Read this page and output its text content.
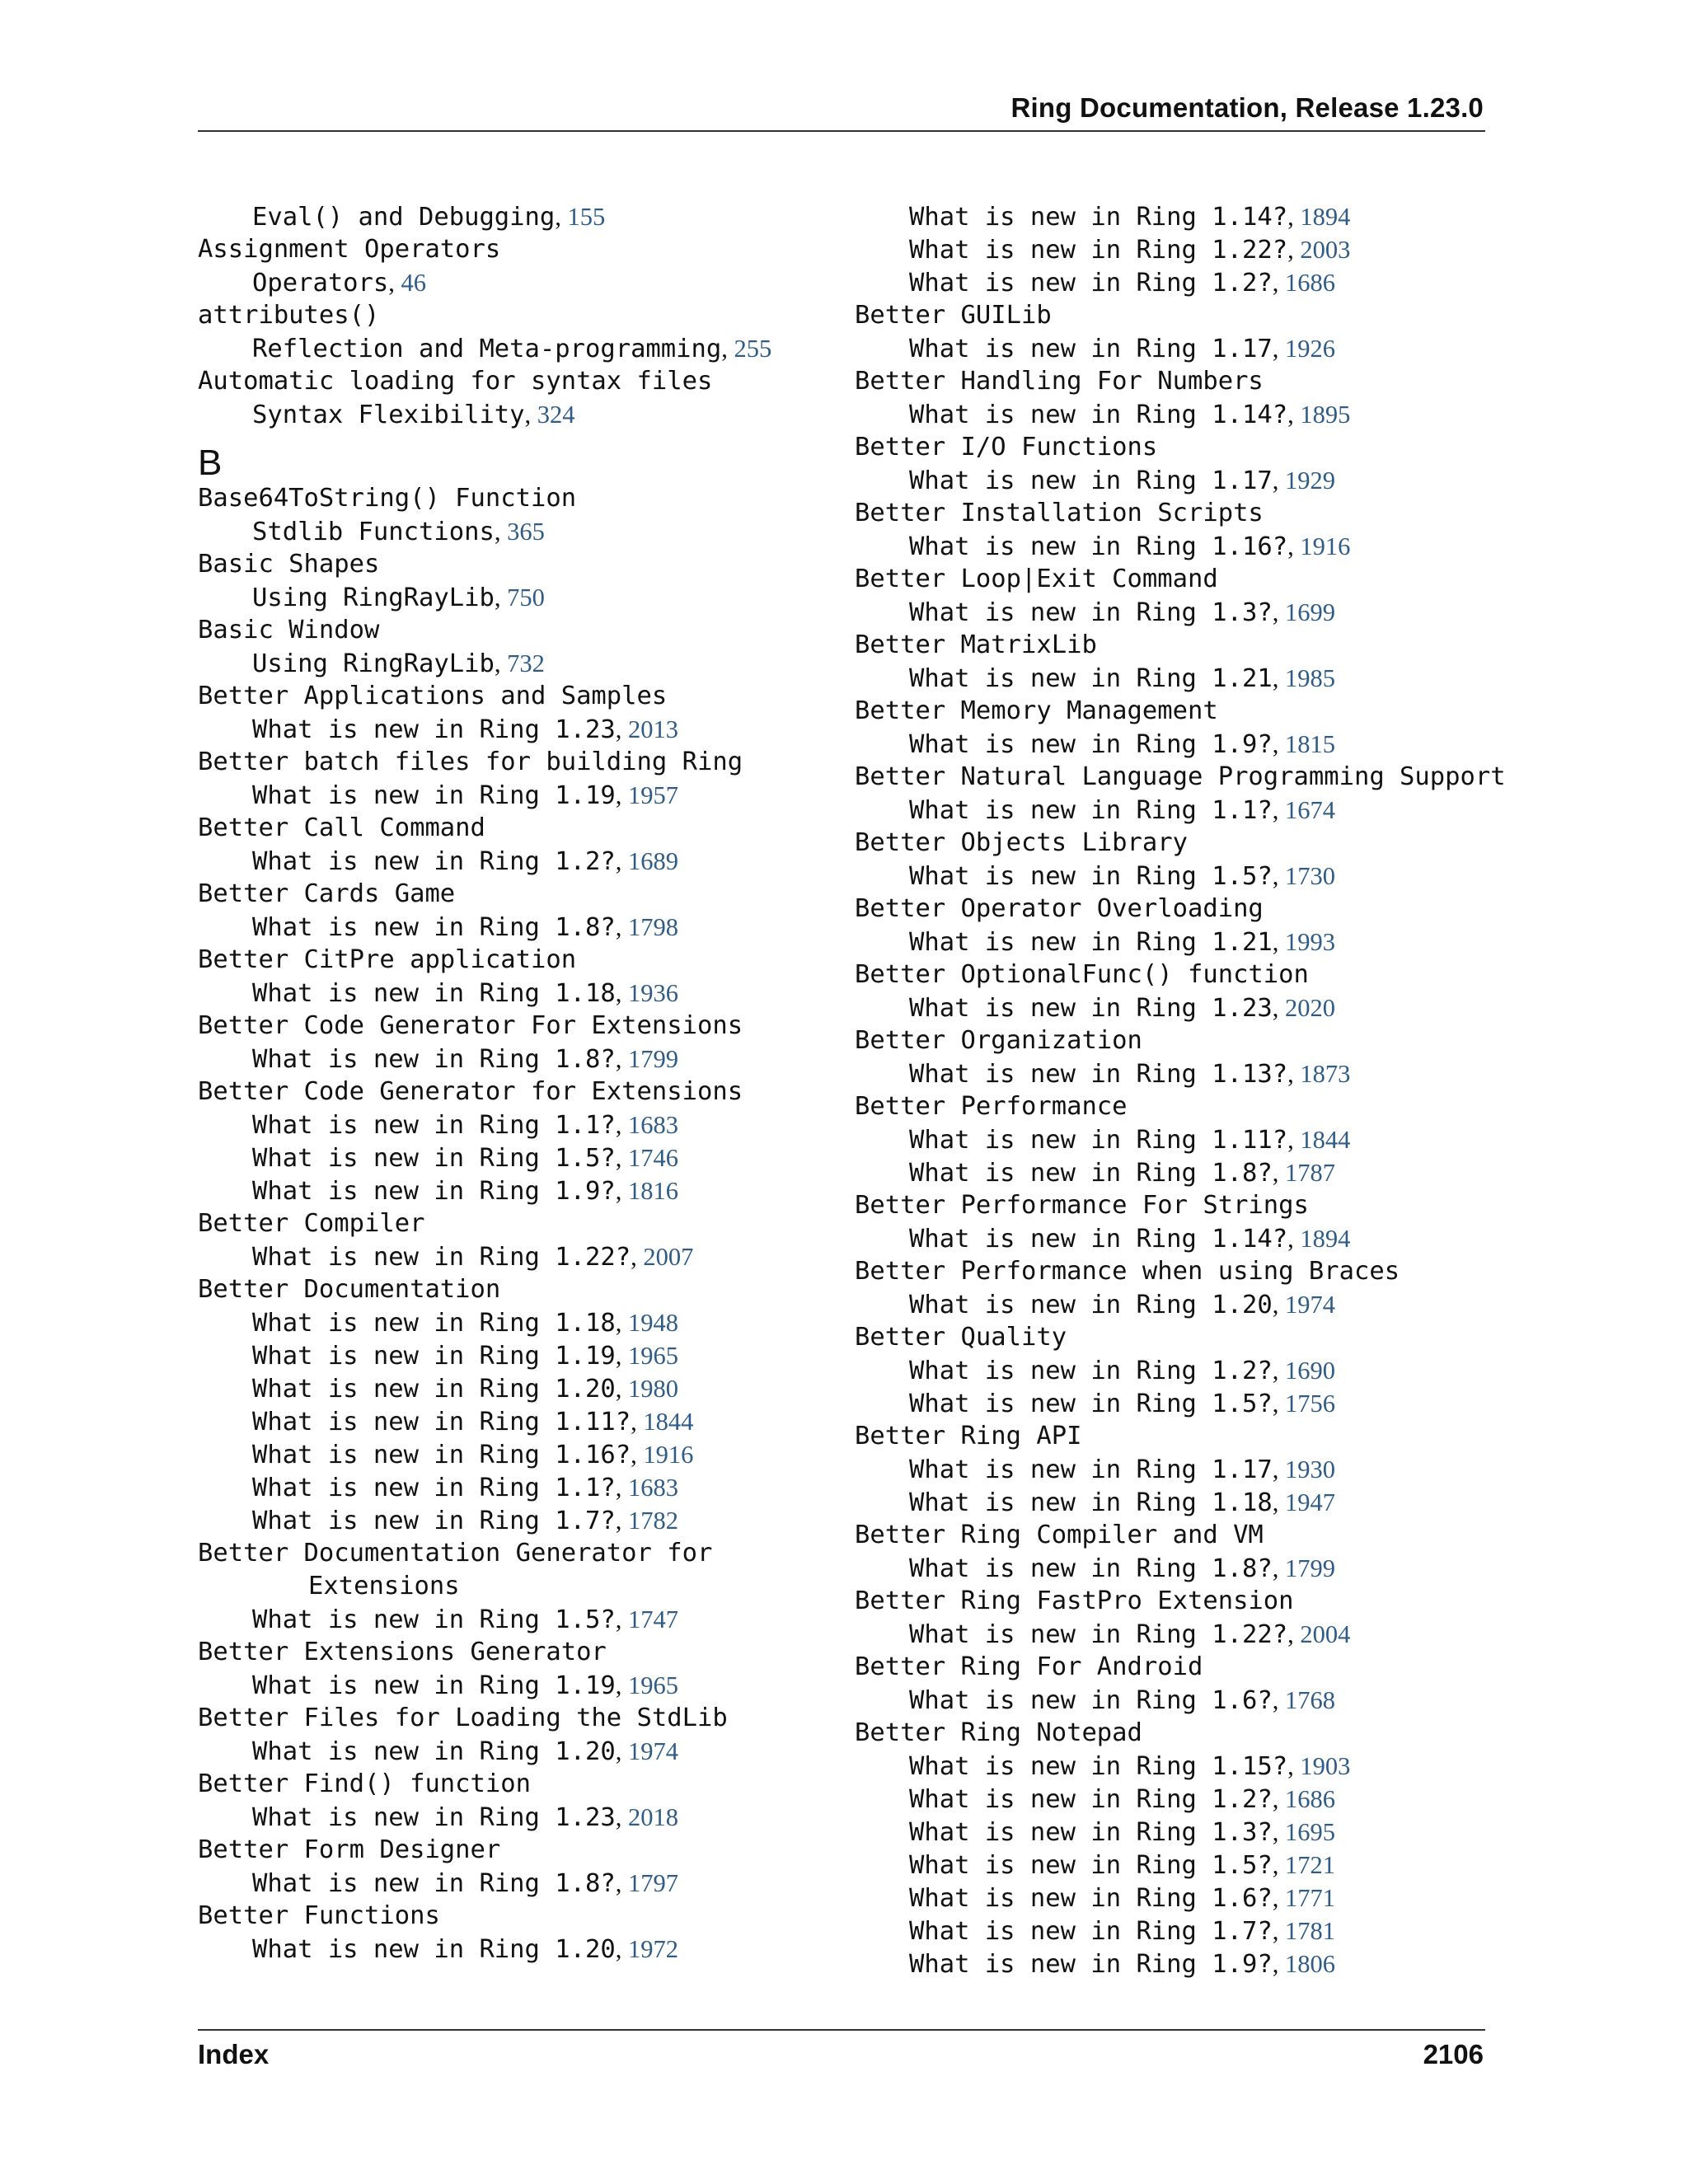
Ring Documentation, Release 1.23.0
Eval() and Debugging, 155
Assignment Operators
Operators, 46
attributes()
Reflection and Meta-programming, 255
Automatic loading for syntax files
Syntax Flexibility, 324
B
Base64ToString() Function
Stdlib Functions, 365
Basic Shapes
Using RingRayLib, 750
Basic Window
Using RingRayLib, 732
Better Applications and Samples
What is new in Ring 1.23, 2013
Better batch files for building Ring
What is new in Ring 1.19, 1957
Better Call Command
What is new in Ring 1.2?, 1689
Better Cards Game
What is new in Ring 1.8?, 1798
Better CitPre application
What is new in Ring 1.18, 1936
Better Code Generator For Extensions
What is new in Ring 1.8?, 1799
Better Code Generator for Extensions
What is new in Ring 1.1?, 1683
What is new in Ring 1.5?, 1746
What is new in Ring 1.9?, 1816
Better Compiler
What is new in Ring 1.22?, 2007
Better Documentation
What is new in Ring 1.18, 1948
What is new in Ring 1.19, 1965
What is new in Ring 1.20, 1980
What is new in Ring 1.11?, 1844
What is new in Ring 1.16?, 1916
What is new in Ring 1.1?, 1683
What is new in Ring 1.7?, 1782
Better Documentation Generator for
Extensions
What is new in Ring 1.5?, 1747
Better Extensions Generator
What is new in Ring 1.19, 1965
Better Files for Loading the StdLib
What is new in Ring 1.20, 1974
Better Find() function
What is new in Ring 1.23, 2018
Better Form Designer
What is new in Ring 1.8?, 1797
Better Functions
What is new in Ring 1.20, 1972
What is new in Ring 1.14?, 1894
What is new in Ring 1.22?, 2003
What is new in Ring 1.2?, 1686
Better GUILib
What is new in Ring 1.17, 1926
Better Handling For Numbers
What is new in Ring 1.14?, 1895
Better I/O Functions
What is new in Ring 1.17, 1929
Better Installation Scripts
What is new in Ring 1.16?, 1916
Better Loop|Exit Command
What is new in Ring 1.3?, 1699
Better MatrixLib
What is new in Ring 1.21, 1985
Better Memory Management
What is new in Ring 1.9?, 1815
Better Natural Language Programming Support
What is new in Ring 1.1?, 1674
Better Objects Library
What is new in Ring 1.5?, 1730
Better Operator Overloading
What is new in Ring 1.21, 1993
Better OptionalFunc() function
What is new in Ring 1.23, 2020
Better Organization
What is new in Ring 1.13?, 1873
Better Performance
What is new in Ring 1.11?, 1844
What is new in Ring 1.8?, 1787
Better Performance For Strings
What is new in Ring 1.14?, 1894
Better Performance when using Braces
What is new in Ring 1.20, 1974
Better Quality
What is new in Ring 1.2?, 1690
What is new in Ring 1.5?, 1756
Better Ring API
What is new in Ring 1.17, 1930
What is new in Ring 1.18, 1947
Better Ring Compiler and VM
What is new in Ring 1.8?, 1799
Better Ring FastPro Extension
What is new in Ring 1.22?, 2004
Better Ring For Android
What is new in Ring 1.6?, 1768
Better Ring Notepad
What is new in Ring 1.15?, 1903
What is new in Ring 1.2?, 1686
What is new in Ring 1.3?, 1695
What is new in Ring 1.5?, 1721
What is new in Ring 1.6?, 1771
What is new in Ring 1.7?, 1781
What is new in Ring 1.9?, 1806
Index	2106
